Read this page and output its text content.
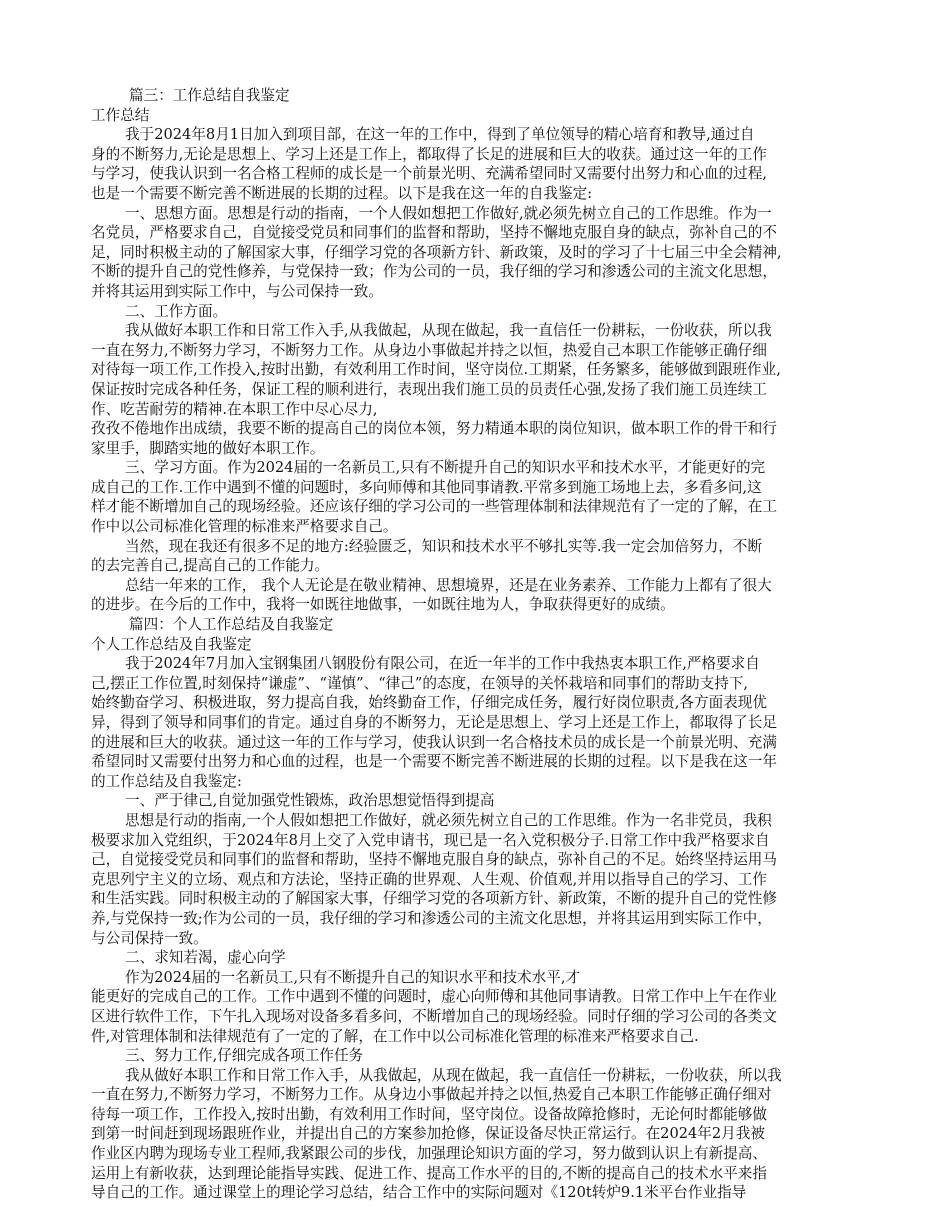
篇三：工作总结自我鉴定
工作总结
我于2024年8月1日加入到项目部，在这一年的工作中，得到了单位领导的精心培育和教导,通过自
身的不断努力,无论是思想上、学习上还是工作上，都取得了长足的进展和巨大的收获。通过这一年的工作
与学习，使我认识到一名合格工程师的成长是一个前景光明、充满希望同时又需要付出努力和心血的过程,
也是一个需要不断完善不断进展的长期的过程。以下是我在这一年的自我鉴定:
一、思想方面。思想是行动的指南，一个人假如想把工作做好,就必须先树立自己的工作思维。作为一
名党员，严格要求自己，自觉接受党员和同事们的监督和帮助，坚持不懈地克服自身的缺点，弥补自己的不
足，同时积极主动的了解国家大事，仔细学习党的各项新方针、新政策，及时的学习了十七届三中全会精神,
不断的提升自己的党性修养，与党保持一致；作为公司的一员，我仔细的学习和渗透公司的主流文化思想，
并将其运用到实际工作中，与公司保持一致。
二、工作方面。
我从做好本职工作和日常工作入手,从我做起，从现在做起，我一直信任一份耕耘，一份收获，所以我
一直在努力,不断努力学习，不断努力工作。从身边小事做起并持之以恒，热爱自己本职工作能够正确仔细
对待每一项工作,工作投入,按时出勤，有效利用工作时间，坚守岗位.工期紧，任务繁多，能够做到跟班作业,
保证按时完成各种任务，保证工程的顺利进行，表现出我们施工员的员责任心强,发扬了我们施工员连续工
作、吃苦耐劳的精神.在本职工作中尽心尽力,
孜孜不倦地作出成绩，我要不断的提高自己的岗位本领，努力精通本职的岗位知识，做本职工作的骨干和行
家里手，脚踏实地的做好本职工作。
三、学习方面。作为2024届的一名新员工,只有不断提升自己的知识水平和技术水平，才能更好的完
成自己的工作.工作中遇到不懂的问题时，多向师傅和其他同事请教.平常多到施工场地上去，多看多问,这
样才能不断增加自己的现场经验。还应该仔细的学习公司的一些管理体制和法律规范有了一定的了解，在工
作中以公司标准化管理的标准来严格要求自己。
当然，现在我还有很多不足的地方:经验匮乏，知识和技术水平不够扎实等.我一定会加倍努力，不断
的去完善自己,提高自己的工作能力。
总结一年来的工作， 我个人无论是在敬业精神、思想境界，还是在业务素养、工作能力上都有了很大
的进步。在今后的工作中，我将一如既往地做事，一如既往地为人，争取获得更好的成绩。
篇四：个人工作总结及自我鉴定
个人工作总结及自我鉴定
我于2024年7月加入宝钢集团八钢股份有限公司，在近一年半的工作中我热衷本职工作,严格要求自
己,摆正工作位置,时刻保持“谦虚”、“谨慎”、“律己”的态度，在领导的关怀栽培和同事们的帮助支持下,
始终勤奋学习、积极进取，努力提高自我，始终勤奋工作，仔细完成任务，履行好岗位职责,各方面表现优
异，得到了领导和同事们的肯定。通过自身的不断努力，无论是思想上、学习上还是工作上，都取得了长足
的进展和巨大的收获。通过这一年的工作与学习，使我认识到一名合格技术员的成长是一个前景光明、充满
希望同时又需要付出努力和心血的过程，也是一个需要不断完善不断进展的长期的过程。以下是我在这一年
的工作总结及自我鉴定:
一、严于律己,自觉加强党性锻炼，政治思想觉悟得到提高
思想是行动的指南,一个人假如想把工作做好，就必须先树立自己的工作思维。作为一名非党员，我积
极要求加入党组织，于2024年8月上交了入党申请书，现已是一名入党积极分子.日常工作中我严格要求自
己，自觉接受党员和同事们的监督和帮助，坚持不懈地克服自身的缺点，弥补自己的不足。始终坚持运用马
克思列宁主义的立场、观点和方法论，坚持正确的世界观、人生观、价值观,并用以指导自己的学习、工作
和生活实践。同时积极主动的了解国家大事，仔细学习党的各项新方针、新政策，不断的提升自己的党性修
养,与党保持一致;作为公司的一员，我仔细的学习和渗透公司的主流文化思想，并将其运用到实际工作中，
与公司保持一致。
二、求知若渴，虚心向学
作为2024届的一名新员工,只有不断提升自己的知识水平和技术水平,才
能更好的完成自己的工作。工作中遇到不懂的问题时，虚心向师傅和其他同事请教。日常工作中上午在作业
区进行软件工作，下午扎入现场对设备多看多问，不断增加自己的现场经验。同时仔细的学习公司的各类文
件,对管理体制和法律规范有了一定的了解，在工作中以公司标准化管理的标准来严格要求自己.
三、努力工作,仔细完成各项工作任务
我从做好本职工作和日常工作入手，从我做起，从现在做起，我一直信任一份耕耘，一份收获，所以我
一直在努力,不断努力学习，不断努力工作。从身边小事做起并持之以恒,热爱自己本职工作能够正确仔细对
待每一项工作，工作投入,按时出勤，有效利用工作时间，坚守岗位。设备故障抢修时，无论何时都能够做
到第一时间赶到现场跟班作业，并提出自己的方案参加抢修，保证设备尽快正常运行。在2024年2月我被
作业区内聘为现场专业工程师,我紧跟公司的步伐，加强理论知识方面的学习，努力做到认识上有新提高、
运用上有新收获，达到理论能指导实践、促进工作、提高工作水平的目的,不断的提高自己的技术水平来指
导自己的工作。通过课堂上的理论学习总结，结合工作中的实际问题对《120t转炉9.1米平台作业指导
